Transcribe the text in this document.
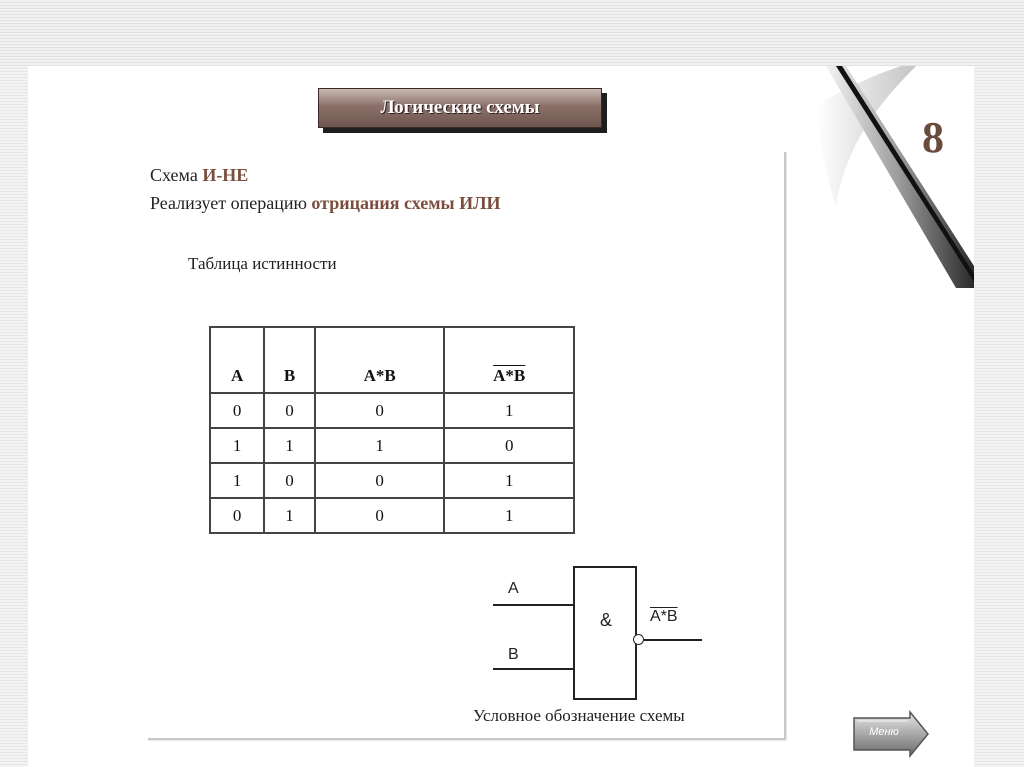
Логические схемы
8
Схема И-НЕ
Реализует операцию отрицания схемы ИЛИ
Таблица истинности
A	B	A*B	A*B
0	0	0	1
1	1	1	0
1	0	0	1
0	1	0	1
&
A
B
A*B
Условное обозначение схемы
Меню
